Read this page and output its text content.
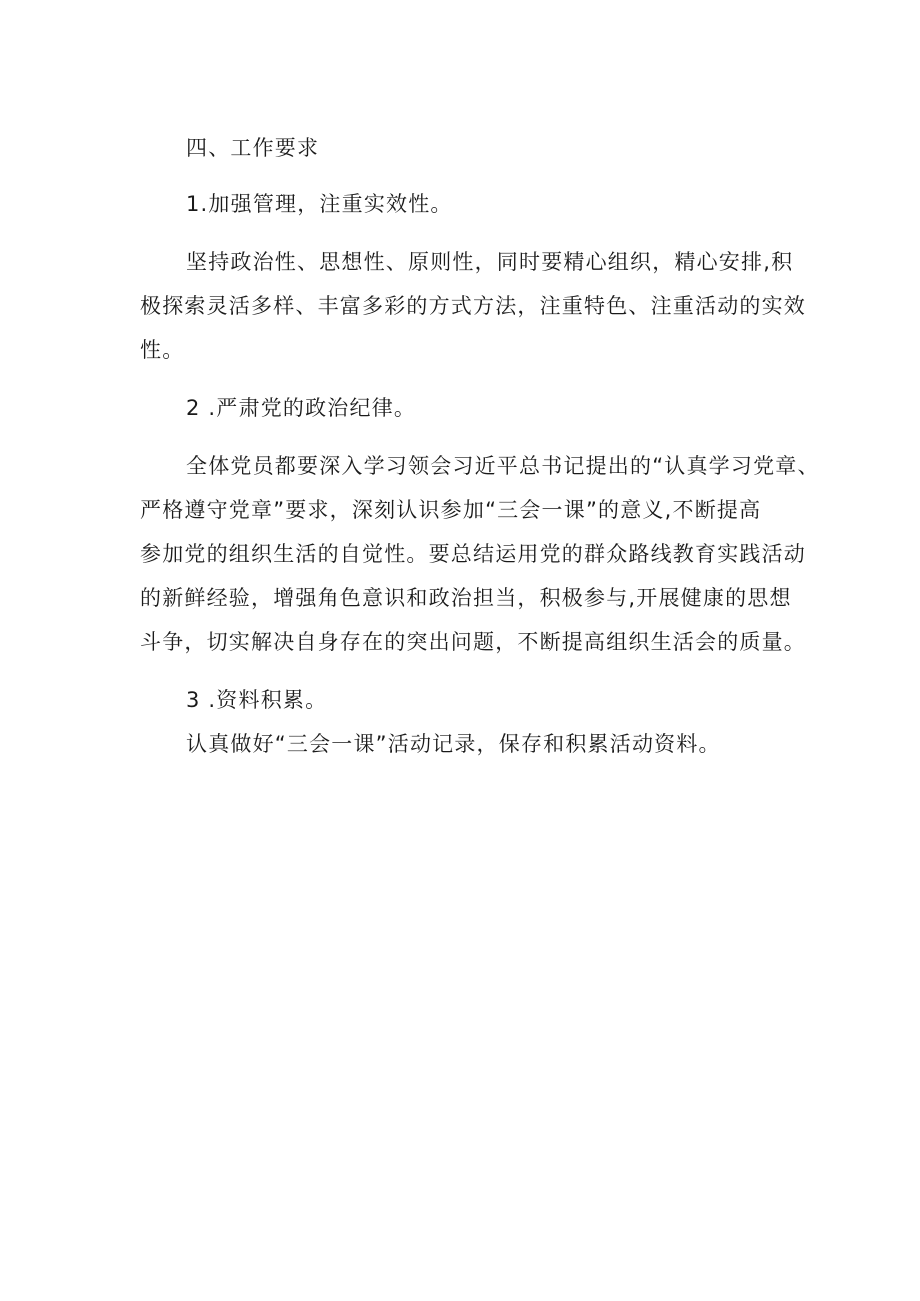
四、工作要求
1.加强管理，注重实效性。
坚持政治性、思想性、原则性，同时要精心组织，精心安排,积
极探索灵活多样、丰富多彩的方式方法，注重特色、注重活动的实效
性。
2 .严肃党的政治纪律。
全体党员都要深入学习领会习近平总书记提出的“认真学习党章、
严格遵守党章”要求，深刻认识参加“三会一课”的意义,不断提高
参加党的组织生活的自觉性。要总结运用党的群众路线教育实践活动
的新鲜经验，增强角色意识和政治担当，积极参与,开展健康的思想
斗争，切实解决自身存在的突出问题，不断提高组织生活会的质量。
3 .资料积累。
认真做好“三会一课”活动记录，保存和积累活动资料。
